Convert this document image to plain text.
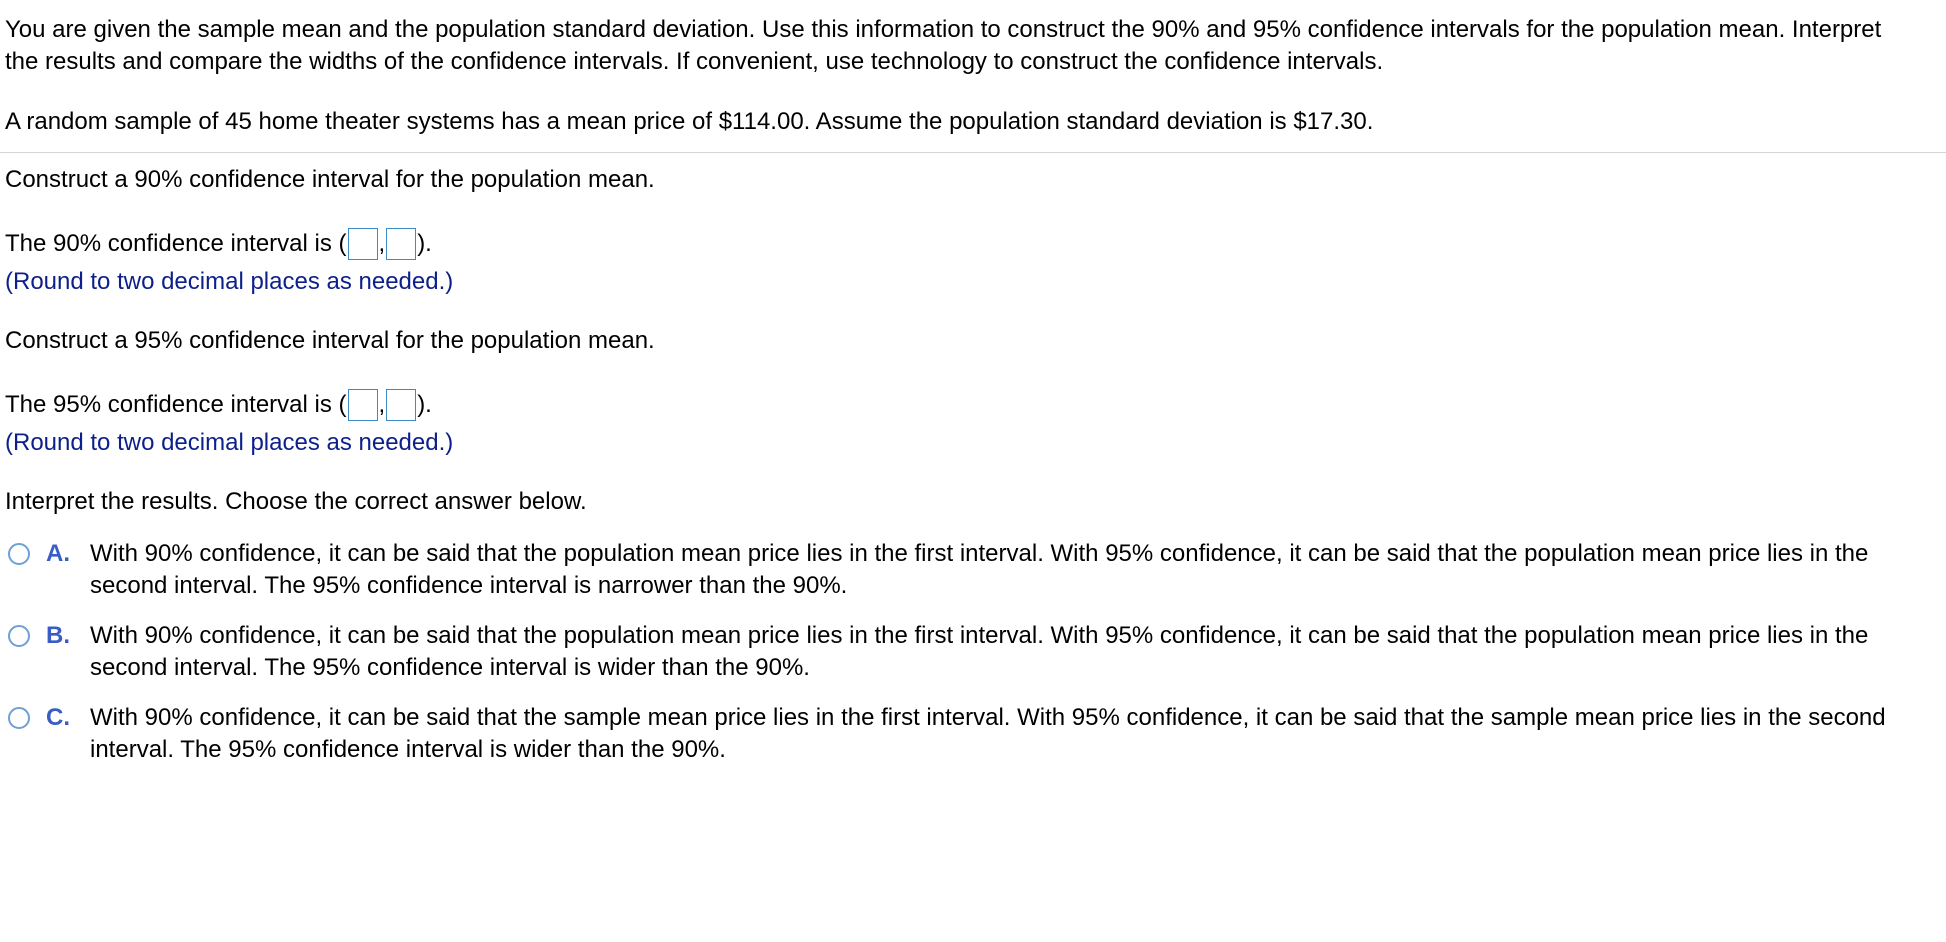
You are given the sample mean and the population standard deviation. Use this information to construct the 90% and 95% confidence intervals for the population mean. Interpret the results and compare the widths of the confidence intervals. If convenient, use technology to construct the confidence intervals.

A random sample of 45 home theater systems has a mean price of $114.00. Assume the population standard deviation is $17.30.

Construct a 90% confidence interval for the population mean.

The 90% confidence interval is ( , ).

(Round to two decimal places as needed.)

Construct a 95% confidence interval for the population mean.

The 95% confidence interval is ( , ).

(Round to two decimal places as needed.)

Interpret the results. Choose the correct answer below.

A. With 90% confidence, it can be said that the population mean price lies in the first interval. With 95% confidence, it can be said that the population mean price lies in the second interval. The 95% confidence interval is narrower than the 90%.
B. With 90% confidence, it can be said that the population mean price lies in the first interval. With 95% confidence, it can be said that the population mean price lies in the second interval. The 95% confidence interval is wider than the 90%.
C. With 90% confidence, it can be said that the sample mean price lies in the first interval. With 95% confidence, it can be said that the sample mean price lies in the second interval. The 95% confidence interval is wider than the 90%.
